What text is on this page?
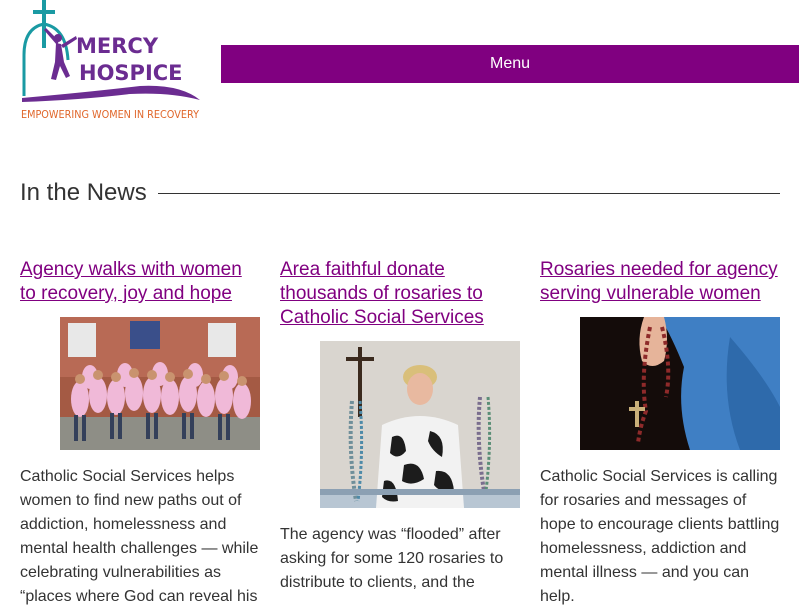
MERCY
HOSPICE
EMPOWERING WOMEN IN RECOVERY
Menu
In the News
Agency walks with women to recovery, joy and hope
Catholic Social Services helps women to find new paths out of addiction, homelessness and mental health challenges — while celebrating vulnerabilities as “places where God can reveal his
Area faithful donate thousands of rosaries to Catholic Social Services
The agency was “flooded” after asking for some 120 rosaries to distribute to clients, and the
Rosaries needed for agency serving vulnerable women
Catholic Social Services is calling for rosaries and messages of hope to encourage clients battling homelessness, addiction and mental illness — and you can help.
